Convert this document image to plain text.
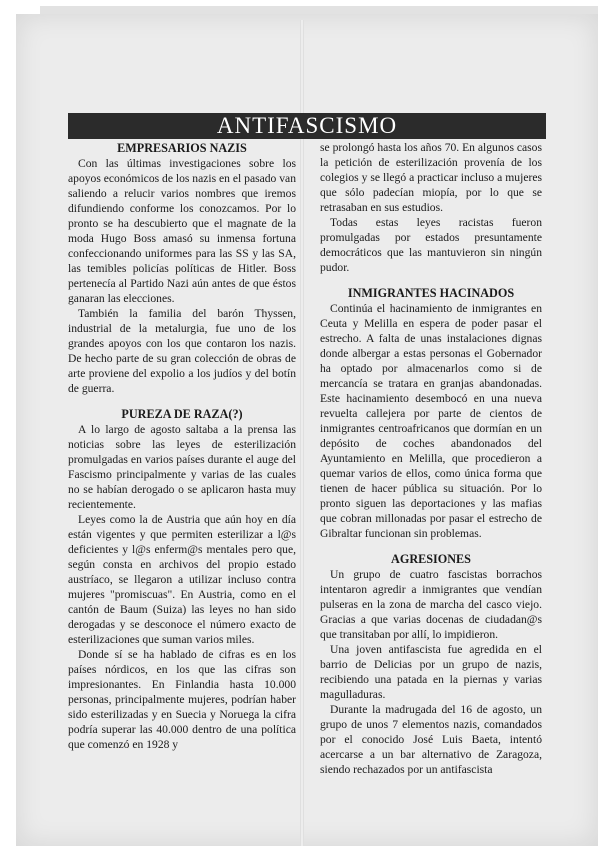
ANTIFASCISMO
EMPRESARIOS NAZIS

Con las últimas investigaciones sobre los apoyos económicos de los nazis en el pasado van saliendo a relucir varios nombres que iremos difundiendo conforme los conozcamos. Por lo pronto se ha descubierto que el magnate de la moda Hugo Boss amasó su inmensa fortuna confeccionando uniformes para las SS y las SA, las temibles policías políticas de Hitler. Boss pertenecía al Partido Nazi aún antes de que éstos ganaran las elecciones.

También la familia del barón Thyssen, industrial de la metalurgia, fue uno de los grandes apoyos con los que contaron los nazis. De hecho parte de su gran colección de obras de arte proviene del expolio a los judíos y del botín de guerra.

PUREZA DE RAZA(?)

A lo largo de agosto saltaba a la prensa las noticias sobre las leyes de esterilización promulgadas en varios países durante el auge del Fascismo principalmente y varias de las cuales no se habían derogado o se aplicaron hasta muy recientemente.

Leyes como la de Austria que aún hoy en día están vigentes y que permiten esterilizar a l@s deficientes y l@s enferm@s mentales pero que, según consta en archivos del propio estado austríaco, se llegaron a utilizar incluso contra mujeres "promiscuas". En Austria, como en el cantón de Baum (Suiza) las leyes no han sido derogadas y se desconoce el número exacto de esterilizaciones que suman varios miles.

Donde sí se ha hablado de cifras es en los países nórdicos, en los que las cifras son impresionantes. En Finlandia hasta 10.000 personas, principalmente mujeres, podrían haber sido esterilizadas y en Suecia y Noruega la cifra podría superar las 40.000 dentro de una política que comenzó en 1928 y

se prolongó hasta los años 70. En algunos casos la petición de esterilización provenía de los colegios y se llegó a practicar incluso a mujeres que sólo padecían miopía, por lo que se retrasaban en sus estudios.

Todas estas leyes racistas fueron promulgadas por estados presuntamente democráticos que las mantuvieron sin ningún pudor.

INMIGRANTES HACINADOS

Continúa el hacinamiento de inmigrantes en Ceuta y Melilla en espera de poder pasar el estrecho. A falta de unas instalaciones dignas donde albergar a estas personas el Gobernador ha optado por almacenarlos como si de mercancía se tratara en granjas abandonadas. Este hacinamiento desembocó en una nueva revuelta callejera por parte de cientos de inmigrantes centroafricanos que dormían en un depósito de coches abandonados del Ayuntamiento en Melilla, que procedieron a quemar varios de ellos, como única forma que tienen de hacer pública su situación. Por lo pronto siguen las deportaciones y las mafias que cobran millonadas por pasar el estrecho de Gibraltar funcionan sin problemas.

AGRESIONES

Un grupo de cuatro fascistas borrachos intentaron agredir a inmigrantes que vendían pulseras en la zona de marcha del casco viejo. Gracias a que varias docenas de ciudadan@s que transitaban por allí, lo impidieron.

Una joven antifascista fue agredida en el barrio de Delicias por un grupo de nazis, recibiendo una patada en la piernas y varias magulladuras.

Durante la madrugada del 16 de agosto, un grupo de unos 7 elementos nazis, comandados por el conocido José Luis Baeta, intentó acercarse a un bar alternativo de Zaragoza, siendo rechazados por un antifascista
